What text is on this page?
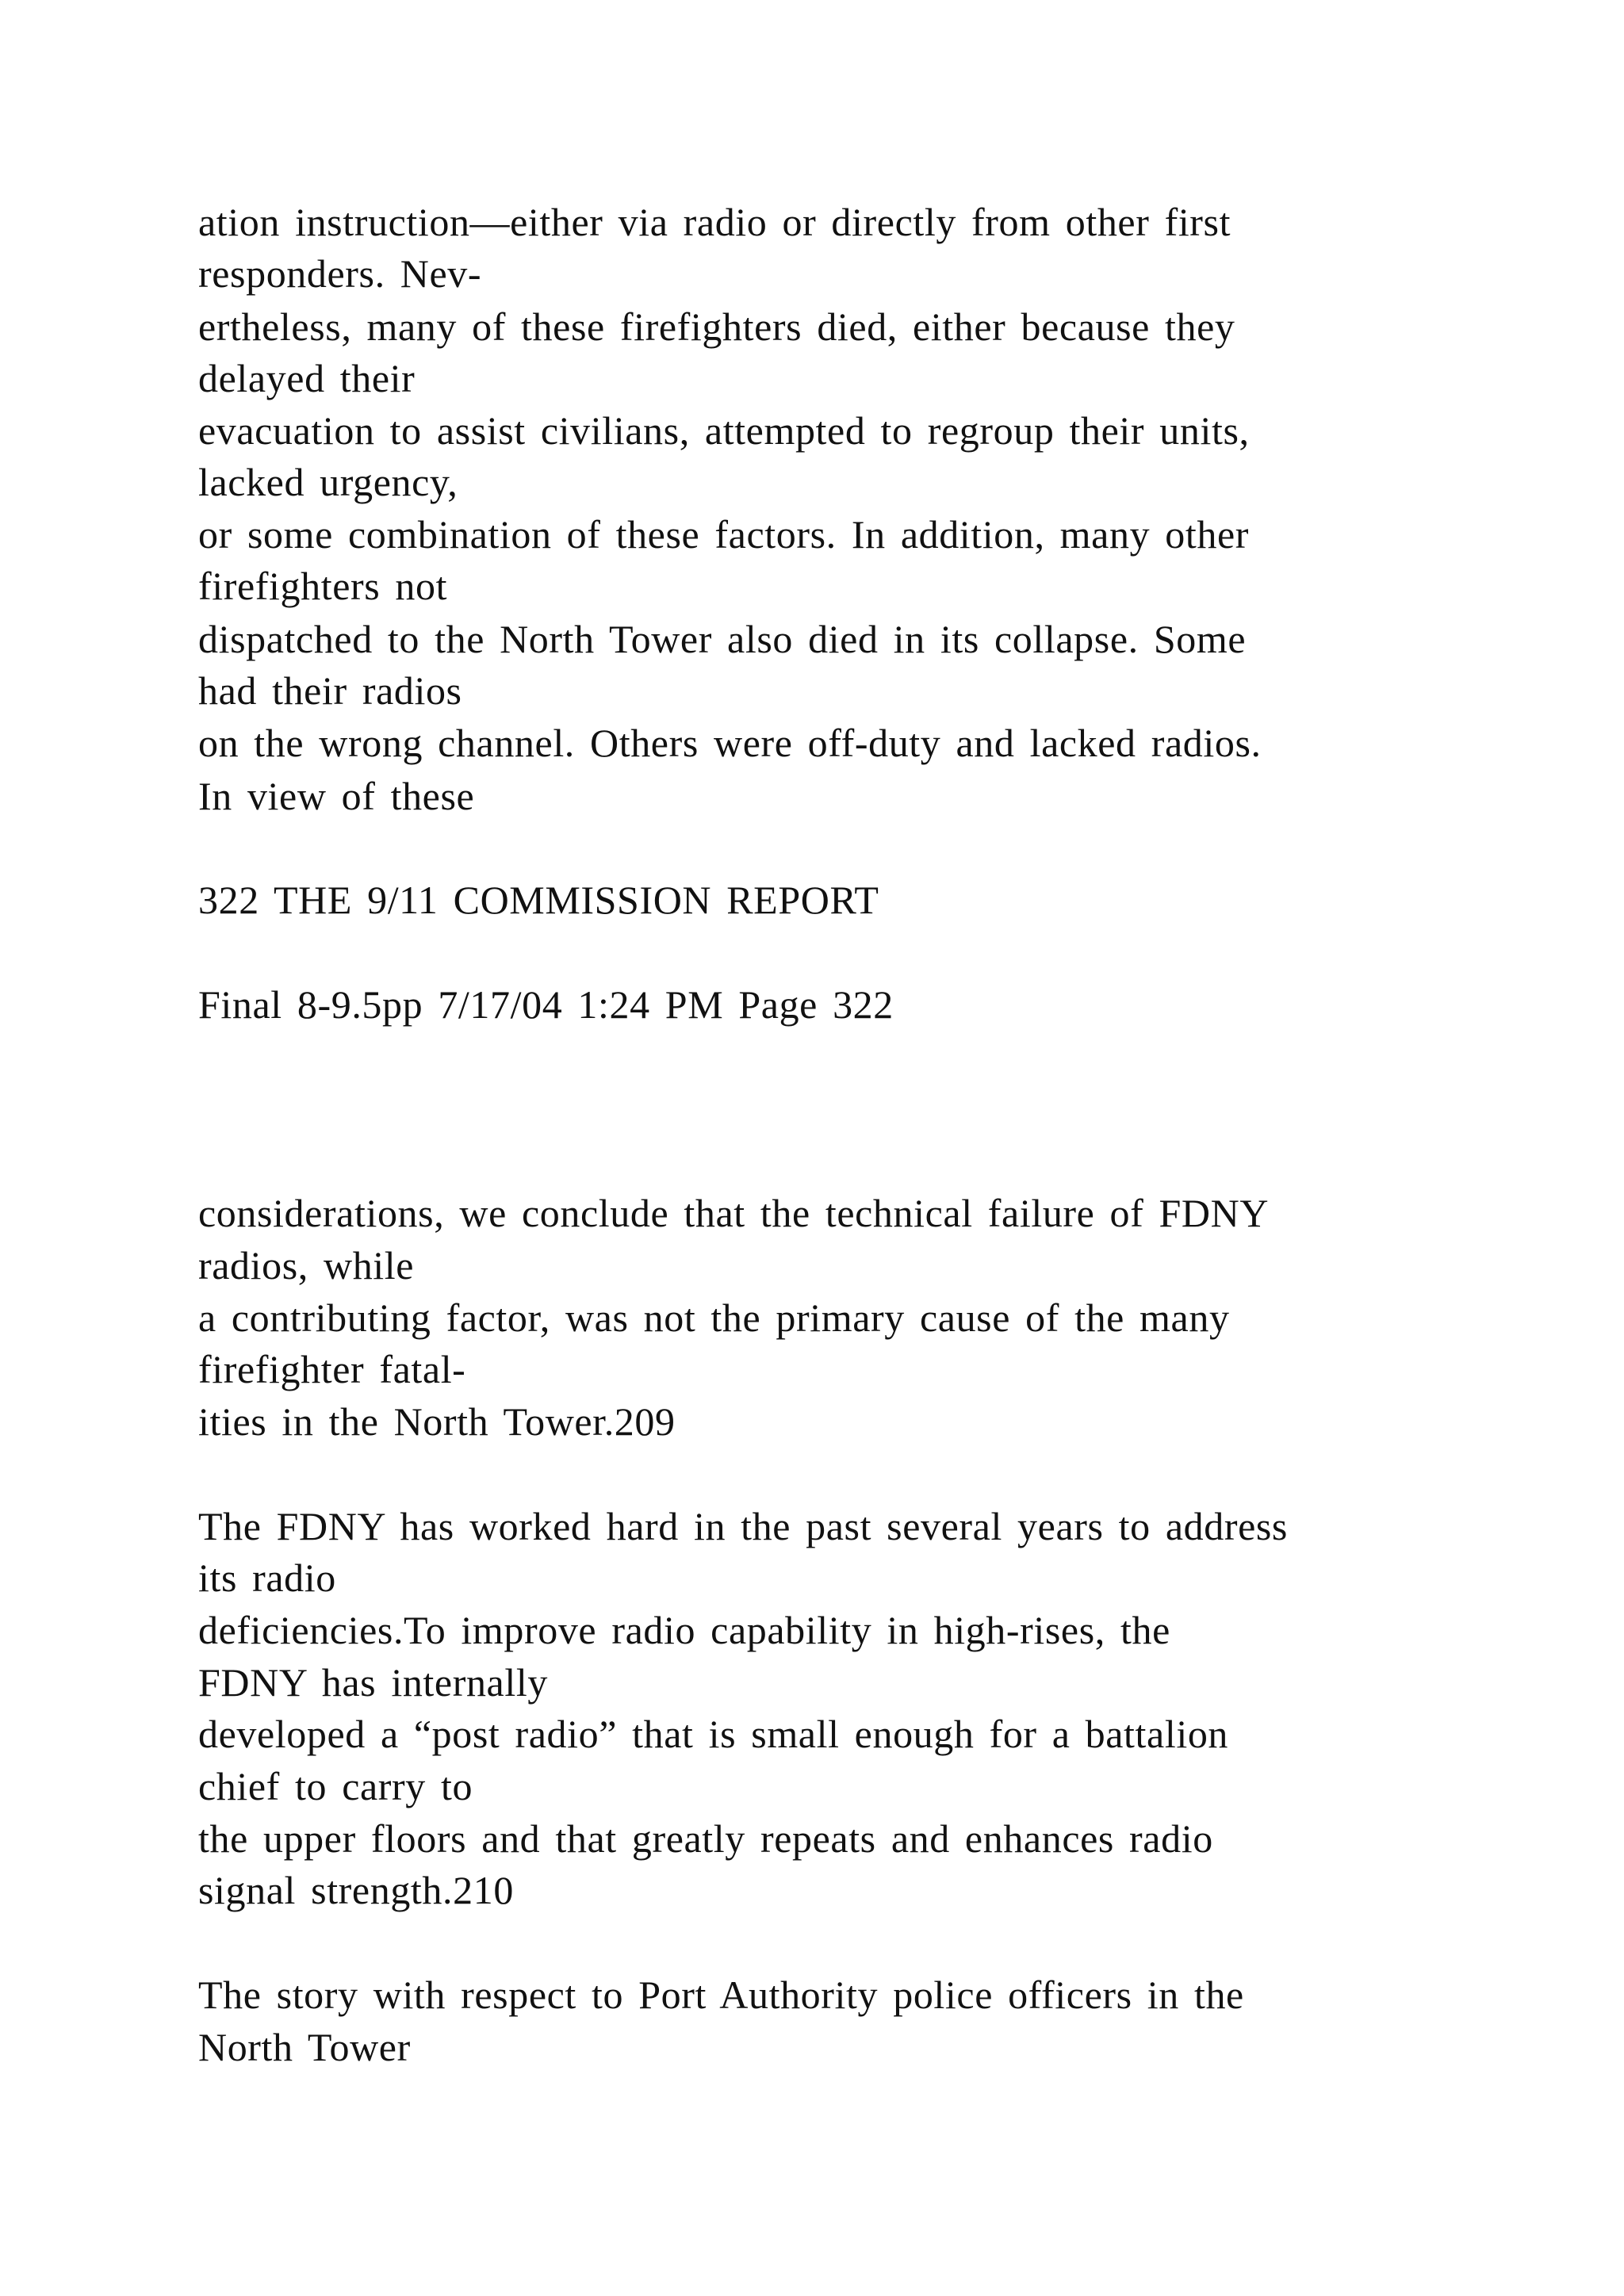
ation instruction—either via radio or directly from other first
responders. Nev-
ertheless, many of these firefighters died, either because they
delayed their
evacuation to assist civilians, attempted to regroup their units,
lacked urgency,
or some combination of these factors. In addition, many other
firefighters not
dispatched to the North Tower also died in its collapse. Some
had their radios
on the wrong channel. Others were off-duty and lacked radios.
In view of these
322 THE 9/11 COMMISSION REPORT
Final 8-9.5pp 7/17/04 1:24 PM Page 322
considerations, we conclude that the technical failure of FDNY
radios, while
a contributing factor, was not the primary cause of the many
firefighter fatal-
ities in the North Tower.209
The FDNY has worked hard in the past several years to address
its radio
deficiencies.To improve radio capability in high-rises, the
FDNY has internally
developed a “post radio” that is small enough for a battalion
chief to carry to
the upper floors and that greatly repeats and enhances radio
signal strength.210
The story with respect to Port Authority police officers in the
North Tower
